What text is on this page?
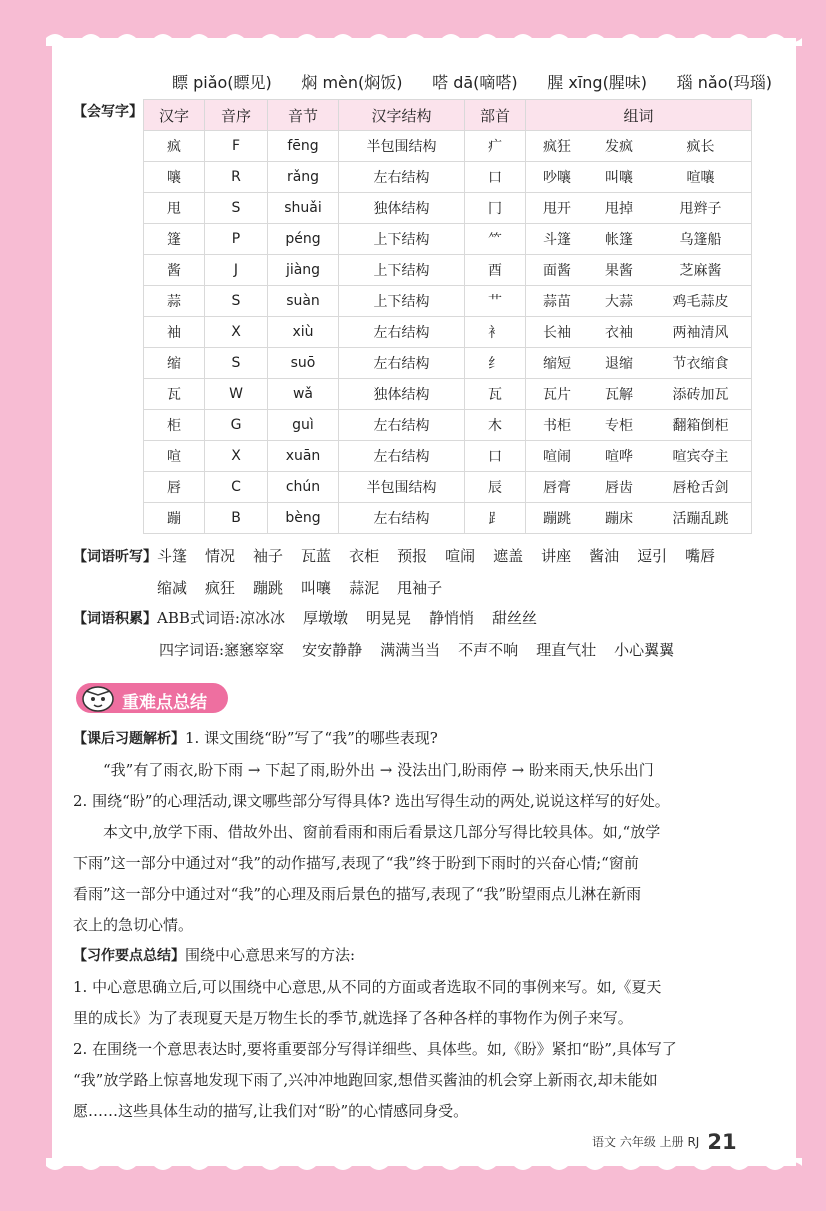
瞟 piǎo(瞟见) 焖 mèn(焖饭) 嗒 dā(嘀嗒) 腥 xīng(腥味) 瑙 nǎo(玛瑙)
【会写字】 汉字	音序	音节	汉字结构	部首	组词		
疯	F	fēng	半包围结构	疒	疯狂	发疯	疯长
嚷	R	rǎng	左右结构	口	吵嚷	叫嚷	喧嚷
甩	S	shuǎi	独体结构	冂	甩开	甩掉	甩辫子
篷	P	péng	上下结构	⺮	斗篷	帐篷	乌篷船
酱	J	jiàng	上下结构	酉	面酱	果酱	芝麻酱
蒜	S	suàn	上下结构	艹	蒜苗	大蒜	鸡毛蒜皮
袖	X	xiù	左右结构	衤	长袖	衣袖	两袖清风
缩	S	suō	左右结构	纟	缩短	退缩	节衣缩食
瓦	W	wǎ	独体结构	瓦	瓦片	瓦解	添砖加瓦
柜	G	guì	左右结构	木	书柜	专柜	翻箱倒柜
喧	X	xuān	左右结构	口	喧闹	喧哗	喧宾夺主
唇	C	chún	半包围结构	辰	唇膏	唇齿	唇枪舌剑
蹦	B	bèng	左右结构	⻊	蹦跳	蹦床	活蹦乱跳
【词语听写】斗篷 情况 袖子 瓦蓝 衣柜 预报 喧闹 遮盖 讲座 酱油 逗引 嘴唇
缩减 疯狂 蹦跳 叫嚷 蒜泥 甩袖子
【词语积累】ABB式词语:凉冰冰 厚墩墩 明晃晃 静悄悄 甜丝丝
四字词语:窸窸窣窣 安安静静 满满当当 不声不响 理直气壮 小心翼翼
重难点总结
【课后习题解析】1. 课文围绕“盼”写了“我”的哪些表现?
“我”有了雨衣,盼下雨 → 下起了雨,盼外出 → 没法出门,盼雨停 → 盼来雨天,快乐出门
2. 围绕“盼”的心理活动,课文哪些部分写得具体? 选出写得生动的两处,说说这样写的好处。
本文中,放学下雨、借故外出、窗前看雨和雨后看景这几部分写得比较具体。如,“放学
下雨”这一部分中通过对“我”的动作描写,表现了“我”终于盼到下雨时的兴奋心情;“窗前
看雨”这一部分中通过对“我”的心理及雨后景色的描写,表现了“我”盼望雨点儿淋在新雨
衣上的急切心情。
【习作要点总结】围绕中心意思来写的方法:
1. 中心意思确立后,可以围绕中心意思,从不同的方面或者选取不同的事例来写。如,《夏天
里的成长》为了表现夏天是万物生长的季节,就选择了各种各样的事物作为例子来写。
2. 在围绕一个意思表达时,要将重要部分写得详细些、具体些。如,《盼》紧扣“盼”,具体写了
“我”放学路上惊喜地发现下雨了,兴冲冲地跑回家,想借买酱油的机会穿上新雨衣,却未能如
愿……这些具体生动的描写,让我们对“盼”的心情感同身受。
语文 六年级 上册 RJ 21
